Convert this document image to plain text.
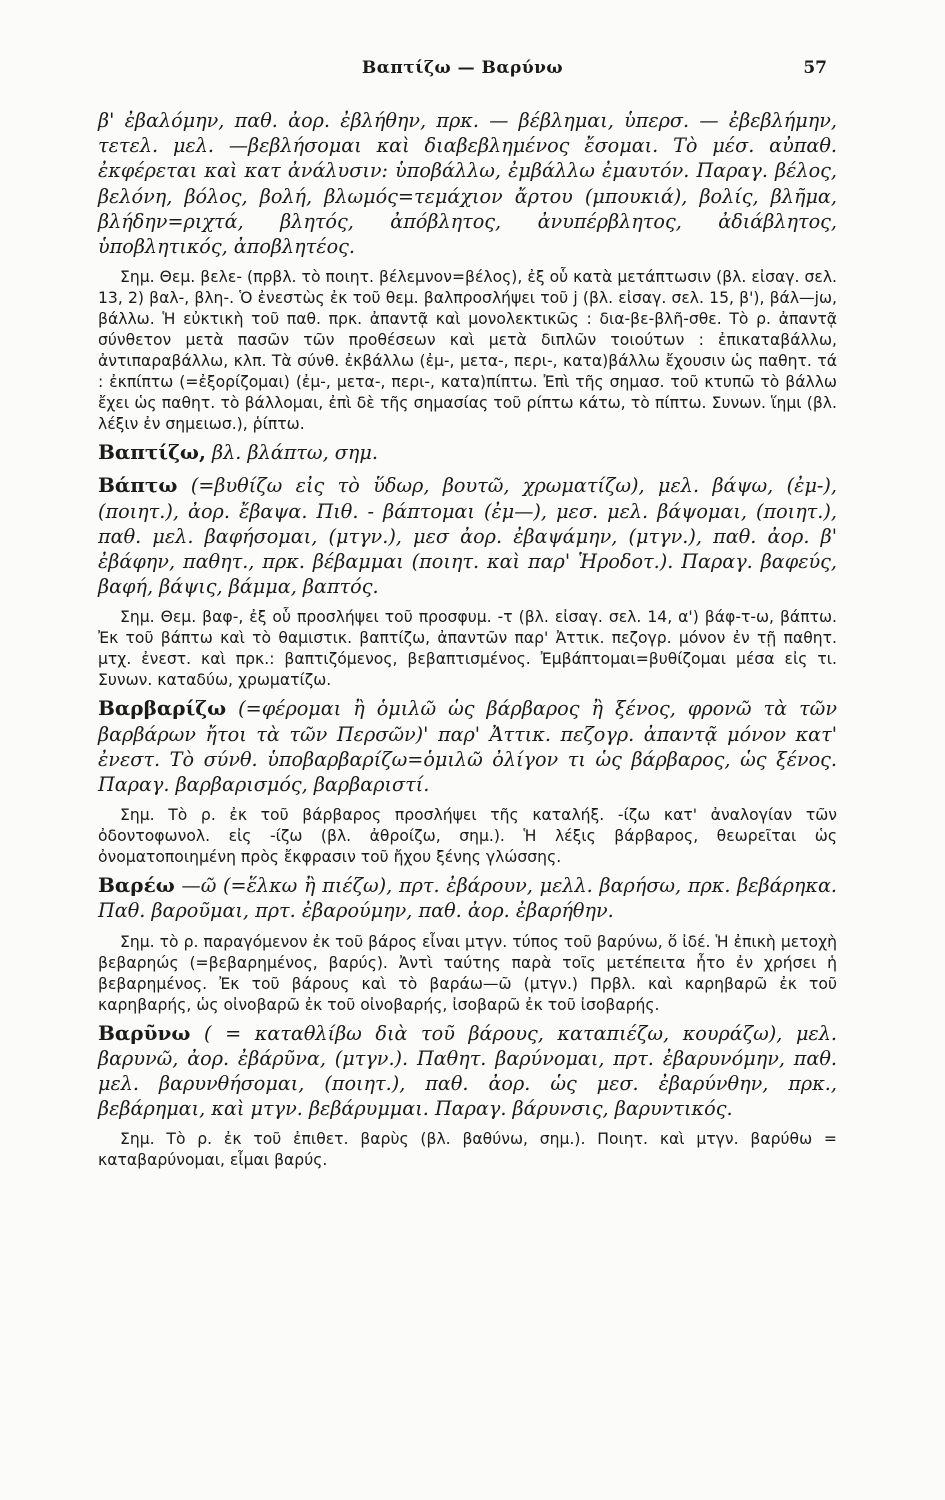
Βαπτίζω — Βαρύνω	57

β' ἐβαλόμην, παθ. ἀορ. ἐβλήθην, πρκ. — βέβλημαι, ὑπερσ. — ἐβεβλήμην, τετελ. μελ. —βεβλήσομαι καὶ διαβεβλημένος ἔσομαι. Τὸ μέσ. αὐπαθ. ἐκφέρεται καὶ κατ ἀνάλυσιν: ὑποβάλλω, ἐμβάλλω ἐμαυτόν. Παραγ. βέλος, βελόνη, βόλος, βολή, βλωμός=τεμάχιον ἄρτου (μπουκιά), βολίς, βλῆμα, βλήδην=ριχτά, βλητός, ἀπόβλητος, ἀνυπέρβλητος, ἀδιάβλητος, ὑποβλητικός, ἀποβλητέος.

Σημ. Θεμ. βελε- (πρβλ. τὸ ποιητ. βέλεμνον=βέλος), ἐξ οὗ κατὰ μετάπτωσιν (βλ. εἰσαγ. σελ. 13, 2) βαλ-, βλη-. Ὁ ἐνεστὼς ἐκ τοῦ θεμ. βαλπροσλήψει τοῦ j (βλ. εἰσαγ. σελ. 15, β'), βάλ—jω, βάλλω. Ἡ εὐκτικὴ τοῦ παθ. πρκ. ἀπαντᾷ καὶ μονολεκτικῶς : δια-βε-βλῆ-σθε. Τὸ ρ. ἀπαντᾷ σύνθετον μετὰ πασῶν τῶν προθέσεων καὶ μετὰ διπλῶν τοιούτων : ἐπικαταβάλλω, ἀντιπαραβάλλω, κλπ. Τὰ σύνθ. ἐκβάλλω (ἐμ-, μετα-, περι-, κατα)βάλλω ἔχουσιν ὡς παθητ. τά : ἐκπίπτω (=ἐξορίζομαι) (ἐμ-, μετα-, περι-, κατα)πίπτω. Ἐπὶ τῆς σημασ. τοῦ κτυπῶ τὸ βάλλω ἔχει ὡς παθητ. τὸ βάλλομαι, ἐπὶ δὲ τῆς σημασίας τοῦ ρίπτω κάτω, τὸ πίπτω. Συνων. ἵημι (βλ. λέξιν ἐν σημειωσ.), ῥίπτω.

Βαπτίζω, βλ. βλάπτω, σημ.

Βάπτω (=βυθίζω εἰς τὸ ὕδωρ, βουτῶ, χρωματίζω), μελ. βάψω, (ἐμ-), (ποιητ.), ἀορ. ἔβαψα. Πιθ. - βάπτομαι (ἐμ—), μεσ. μελ. βάψομαι, (ποιητ.), παθ. μελ. βαφήσομαι, (μτγν.), μεσ ἀορ. ἐβαψάμην, (μτγν.), παθ. ἀορ. β' ἐβάφην, παθητ., πρκ. βέβαμμαι (ποιητ. καὶ παρ' Ἡροδοτ.). Παραγ. βαφεύς, βαφή, βάψις, βάμμα, βαπτός.

Σημ. Θεμ. βαφ-, ἐξ οὗ προσλήψει τοῦ προσφυμ. -τ (βλ. εἰσαγ. σελ. 14, α') βάφ-τ-ω, βάπτω. Ἐκ τοῦ βάπτω καὶ τὸ θαμιστικ. βαπτίζω, ἀπαντῶν παρ' Ἀττικ. πεζογρ. μόνον ἐν τῇ παθητ. μτχ. ἐνεστ. καὶ πρκ.: βαπτιζόμενος, βεβαπτισμένος. Ἐμβάπτομαι=βυθίζομαι μέσα εἰς τι. Συνων. καταδύω, χρωματίζω.

Βαρβαρίζω (=φέρομαι ἢ ὁμιλῶ ὡς βάρβαρος ἢ ξένος, φρονῶ τὰ τῶν βαρβάρων ἤτοι τὰ τῶν Περσῶν)' παρ' Ἀττικ. πεζογρ. ἀπαντᾷ μόνον κατ' ἐνεστ. Τὸ σύνθ. ὑποβαρβαρίζω=ὁμιλῶ ὀλίγον τι ὡς βάρβαρος, ὡς ξένος. Παραγ. βαρβαρισμός, βαρβαριστί.

Σημ. Τὸ ρ. ἐκ τοῦ βάρβαρος προσλήψει τῆς καταλήξ. -ίζω κατ' ἀναλογίαν τῶν ὀδοντοφωνολ. εἰς -ίζω (βλ. ἀθροίζω, σημ.). Ἡ λέξις βάρβαρος, θεωρεῖται ὡς ὀνοματοποιημένη πρὸς ἔκφρασιν τοῦ ἤχου ξένης γλώσσης.

Βαρέω —ῶ (=ἕλκω ἢ πιέζω), πρτ. ἐβάρουν, μελλ. βαρήσω, πρκ. βεβάρηκα. Παθ. βαροῦμαι, πρτ. ἐβαρούμην, παθ. ἀορ. ἐβαρήθην.

Σημ. τὸ ρ. παραγόμενον ἐκ τοῦ βάρος εἶναι μτγν. τύπος τοῦ βαρύνω, ὅ ἰδέ. Ἡ ἐπικὴ μετοχὴ βεβαρηώς (=βεβαρημένος, βαρύς). Ἀντὶ ταύτης παρὰ τοῖς μετέπειτα ἦτο ἐν χρήσει ἡ βεβαρημένος. Ἐκ τοῦ βάρους καὶ τὸ βαράω—ῶ (μτγν.) Πρβλ. καὶ καρηβαρῶ ἐκ τοῦ καρηβαρής, ὡς οἰνοβαρῶ ἐκ τοῦ οἰνοβαρής, ἰσοβαρῶ ἐκ τοῦ ἰσοβαρής.

Βαρῦνω ( = καταθλίβω διὰ τοῦ βάρους, καταπιέζω, κουράζω), μελ. βαρυνῶ, ἀορ. ἐβάρῦνα, (μτγν.). Παθητ. βαρύνομαι, πρτ. ἐβαρυνόμην, παθ. μελ. βαρυνθήσομαι, (ποιητ.), παθ. ἀορ. ὡς μεσ. ἐβαρύνθην, πρκ., βεβάρημαι, καὶ μτγν. βεβάρυμμαι. Παραγ. βάρυνσις, βαρυντικός.

Σημ. Τὸ ρ. ἐκ τοῦ ἐπιθετ. βαρὺς (βλ. βαθύνω, σημ.). Ποιητ. καὶ μτγν. βαρύθω = καταβαρύνομαι, εἶμαι βαρύς.
